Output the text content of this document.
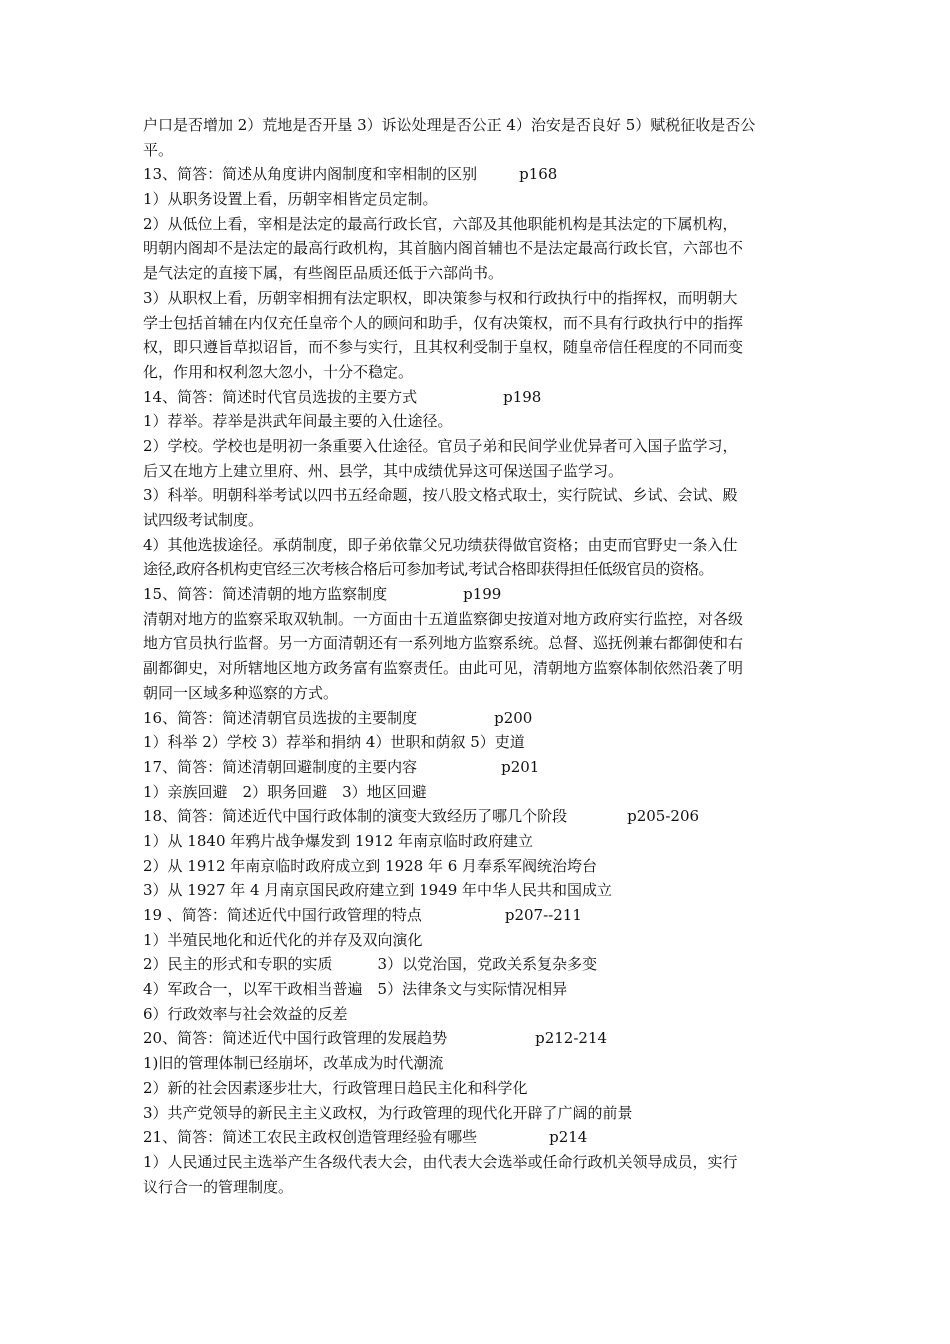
户口是否增加 2）荒地是否开垦 3）诉讼处理是否公正 4）治安是否良好 5）赋税征收是否公
平。
13、简答：简述从角度讲内阁制度和宰相制的区别	p168
1）从职务设置上看，历朝宰相皆定员定制。
2）从低位上看，宰相是法定的最高行政长官，六部及其他职能机构是其法定的下属机构，
明朝内阁却不是法定的最高行政机构，其首脑内阁首辅也不是法定最高行政长官，六部也不
是气法定的直接下属，有些阁臣品质还低于六部尚书。
3）从职权上看，历朝宰相拥有法定职权，即决策参与权和行政执行中的指挥权，而明朝大
学士包括首辅在内仅充任皇帝个人的顾问和助手，仅有决策权，而不具有行政执行中的指挥
权，即只遵旨草拟诏旨，而不参与实行，且其权利受制于皇权，随皇帝信任程度的不同而变
化，作用和权利忽大忽小，十分不稳定。
14、简答：简述时代官员选拔的主要方式	p198
1）荐举。荐举是洪武年间最主要的入仕途径。
2）学校。学校也是明初一条重要入仕途径。官员子弟和民间学业优异者可入国子监学习，
后又在地方上建立里府、州、县学，其中成绩优异这可保送国子监学习。
3）科举。明朝科举考试以四书五经命题，按八股文格式取士，实行院试、乡试、会试、殿
试四级考试制度。
4）其他选拔途径。承荫制度，即子弟依靠父兄功绩获得做官资格；由吏而官野史一条入仕
途径,政府各机构吏官经三次考核合格后可参加考试,考试合格即获得担任低级官员的资格。
15、简答：简述清朝的地方监察制度	p199
清朝对地方的监察采取双轨制。一方面由十五道监察御史按道对地方政府实行监控，对各级
地方官员执行监督。另一方面清朝还有一系列地方监察系统。总督、巡抚例兼右都御使和右
副都御史，对所辖地区地方政务富有监察责任。由此可见，清朝地方监察体制依然沿袭了明
朝同一区域多种巡察的方式。
16、简答：简述清朝官员选拔的主要制度	p200
1）科举 2）学校 3）荐举和捐纳 4）世职和荫叙 5）吏道
17、简答：简述清朝回避制度的主要内容	p201
1）亲族回避　2）职务回避　3）地区回避
18、简答：简述近代中国行政体制的演变大致经历了哪几个阶段	p205-206
1）从 1840 年鸦片战争爆发到 1912 年南京临时政府建立
2）从 1912 年南京临时政府成立到 1928 年 6 月奉系军阀统治垮台
3）从 1927 年 4 月南京国民政府建立到 1949 年中华人民共和国成立
19 、简答：简述近代中国行政管理的特点	p207--211
1）半殖民地化和近代化的并存及双向演化
2）民主的形式和专职的实质　　　3）以党治国，党政关系复杂多变
4）军政合一，以军干政相当普遍　5）法律条文与实际情况相异
6）行政效率与社会效益的反差
20、简答：简述近代中国行政管理的发展趋势	p212-214
1)旧的管理体制已经崩坏，改革成为时代潮流
2）新的社会因素逐步壮大，行政管理日趋民主化和科学化
3）共产党领导的新民主主义政权，为行政管理的现代化开辟了广阔的前景
21、简答：简述工农民主政权创造管理经验有哪些	p214
1）人民通过民主选举产生各级代表大会，由代表大会选举或任命行政机关领导成员，实行
议行合一的管理制度。
